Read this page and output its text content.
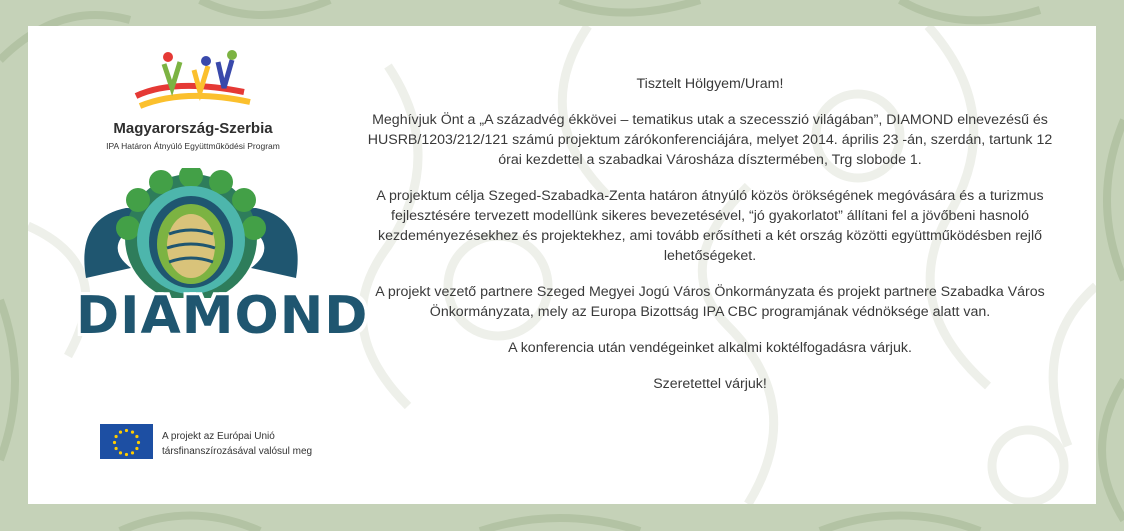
Magyarország-Szerbia
IPA Határon Átnyúló Együttműködési Program
DIAMOND
A projekt az Európai Unió
társfinanszírozásával valósul meg

Tisztelt Hölgyem/Uram!

Meghívjuk Önt a „A századvég ékkövei – tematikus utak a szecesszió világában”, DIAMOND elnevezésű és HUSRB/1203/212/121 számú projektum zárókonferenciájára, melyet 2014. április 23 -án, szerdán, tartunk 12 órai kezdettel a szabadkai Városháza dísztermében, Trg slobode 1.

A projektum célja Szeged-Szabadka-Zenta határon átnyúló közös örökségének megóvására és a turizmus fejlesztésére tervezett modellünk sikeres bevezetésével, “jó gyakorlatot” állítani fel a jövőbeni hasnoló kezdeményezésekhez és projektekhez, ami tovább erősítheti a két ország közötti együttműködésben rejlő lehetőségeket.

A projekt vezető partnere Szeged Megyei Jogú Város Önkormányzata és projekt partnere Szabadka Város Önkormányzata, mely az Europa Bizottság IPA CBC programjának védnöksége alatt van.

A konferencia után vendégeinket alkalmi koktélfogadásra várjuk.

Szeretettel várjuk!
